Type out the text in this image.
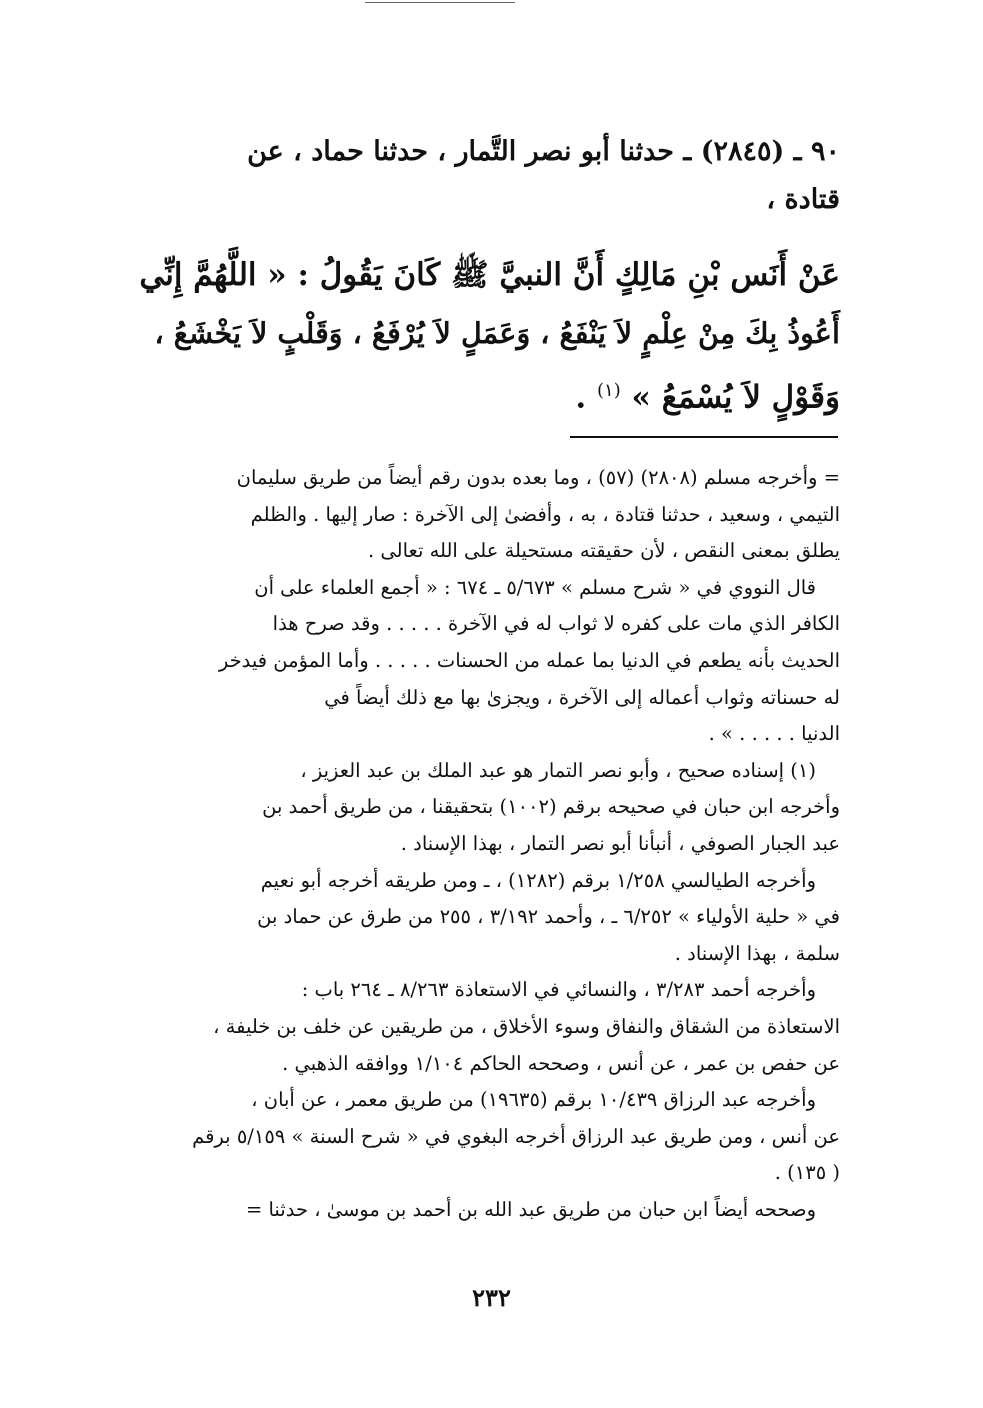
٩٠ ـ (٢٨٤٥) ـ حدثنا أبو نصر التَّمار ، حدثنا حماد ، عن
قتادة ،
عَنْ أَنَس بْنِ مَالِكٍ أَنَّ النبيَّ ﷺ كَانَ يَقُولُ : « اللَّهُمَّ إِنِّي
أَعُوذُ بِكَ مِنْ عِلْمٍ لاَ يَنْفَعُ ، وَعَمَلٍ لاَ يُرْفَعُ ، وَقَلْبٍ لاَ يَخْشَعُ ،
وَقَوْلٍ لاَ يُسْمَعُ » $^{(١)}$ .
= وأخرجه مسلم (٢٨٠٨) (٥٧) ، وما بعده بدون رقم أيضاً من طريق سليمان
التيمي ، وسعيد ، حدثنا قتادة ، به ، وأفضىٰ إلى الآخرة : صار إليها . والظلم
يطلق بمعنى النقص ، لأن حقيقته مستحيلة على الله تعالى .
قال النووي في « شرح مسلم » ٥/٦٧٣ ـ ٦٧٤ : « أجمع العلماء على أن
الكافر الذي مات على كفره لا ثواب له في الآخرة . . . . . وقد صرح هذا
الحديث بأنه يطعم في الدنيا بما عمله من الحسنات . . . . . وأما المؤمن فيدخر
له حسناته وثواب أعماله إلى الآخرة ، ويجزىٰ بها مع ذلك أيضاً في
الدنيا . . . . . » .
(١) إسناده صحيح ، وأبو نصر التمار هو عبد الملك بن عبد العزيز ،
وأخرجه ابن حبان في صحيحه برقم (١٠٠٢) بتحقيقنا ، من طريق أحمد بن
عبد الجبار الصوفي ، أنبأنا أبو نصر التمار ، بهذا الإسناد .
وأخرجه الطيالسي ١/٢٥٨ برقم (١٢٨٢) ، ـ ومن طريقه أخرجه أبو نعيم
في « حلية الأولياء » ٦/٢٥٢ ـ ، وأحمد ٣/١٩٢ ، ٢٥٥ من طرق عن حماد بن
سلمة ، بهذا الإسناد .
وأخرجه أحمد ٣/٢٨٣ ، والنسائي في الاستعاذة ٨/٢٦٣ ـ ٢٦٤ باب :
الاستعاذة من الشقاق والنفاق وسوء الأخلاق ، من طريقين عن خلف بن خليفة ،
عن حفص بن عمر ، عن أنس ، وصححه الحاكم ١/١٠٤ ووافقه الذهبي .
وأخرجه عبد الرزاق ١٠/٤٣٩ برقم (١٩٦٣٥) من طريق معمر ، عن أبان ،
عن أنس ، ومن طريق عبد الرزاق أخرجه البغوي في « شرح السنة » ٥/١٥٩ برقم
( ١٣٥) .
وصححه أيضاً ابن حبان من طريق عبد الله بن أحمد بن موسىٰ ، حدثنا =
٢٣٢
